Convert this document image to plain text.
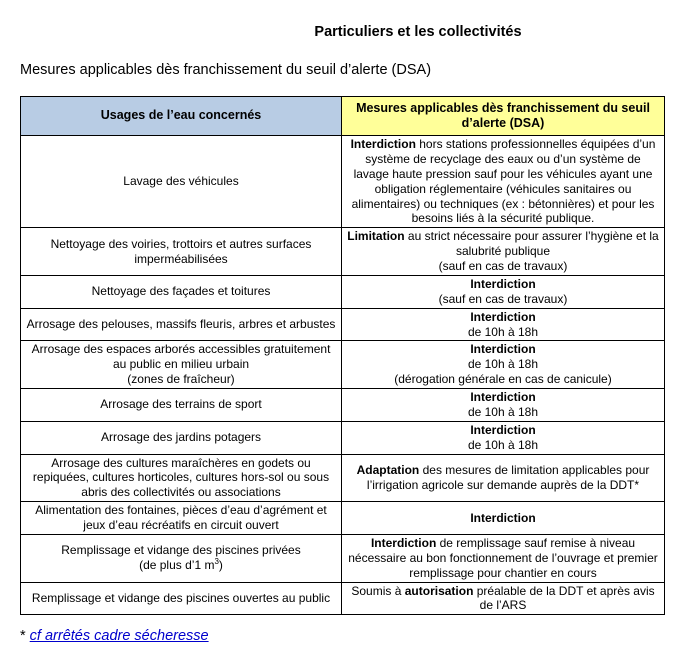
Particuliers et les collectivités
Mesures applicables dès franchissement du seuil d’alerte (DSA)
Usages de l’eau concernés	Mesures applicables dès franchissement du seuil d’alerte (DSA)
Lavage des véhicules	Interdiction hors stations professionnelles équipées d’un système de recyclage des eaux ou d’un système de lavage haute pression sauf pour les véhicules ayant une obligation réglementaire (véhicules sanitaires ou alimentaires) ou techniques (ex : bétonnières) et pour les besoins liés à la sécurité publique.
Nettoyage des voiries, trottoirs et autres surfaces imperméabilisées	Limitation au strict nécessaire pour assurer l’hygiène et la salubrité publique
(sauf en cas de travaux)
Nettoyage des façades et toitures	Interdiction
(sauf en cas de travaux)
Arrosage des pelouses, massifs fleuris, arbres et arbustes	Interdiction
de 10h à 18h
Arrosage des espaces arborés accessibles gratuitement au public en milieu urbain
(zones de fraîcheur)	Interdiction
de 10h à 18h
(dérogation générale en cas de canicule)
Arrosage des terrains de sport	Interdiction
de 10h à 18h
Arrosage des jardins potagers	Interdiction
de 10h à 18h
Arrosage des cultures maraîchères en godets ou repiquées, cultures horticoles, cultures hors-sol ou sous abris des collectivités ou associations	Adaptation des mesures de limitation applicables pour l’irrigation agricole sur demande auprès de la DDT*
Alimentation des fontaines, pièces d’eau d’agrément et jeux d’eau récréatifs en circuit ouvert	Interdiction
Remplissage et vidange des piscines privées
(de plus d’1 $m^3$)	Interdiction de remplissage sauf remise à niveau nécessaire au bon fonctionnement de l’ouvrage et premier remplissage pour chantier en cours
Remplissage et vidange des piscines ouvertes au public	Soumis à autorisation préalable de la DDT et après avis de l’ARS
* cf arrêtés cadre sécheresse
